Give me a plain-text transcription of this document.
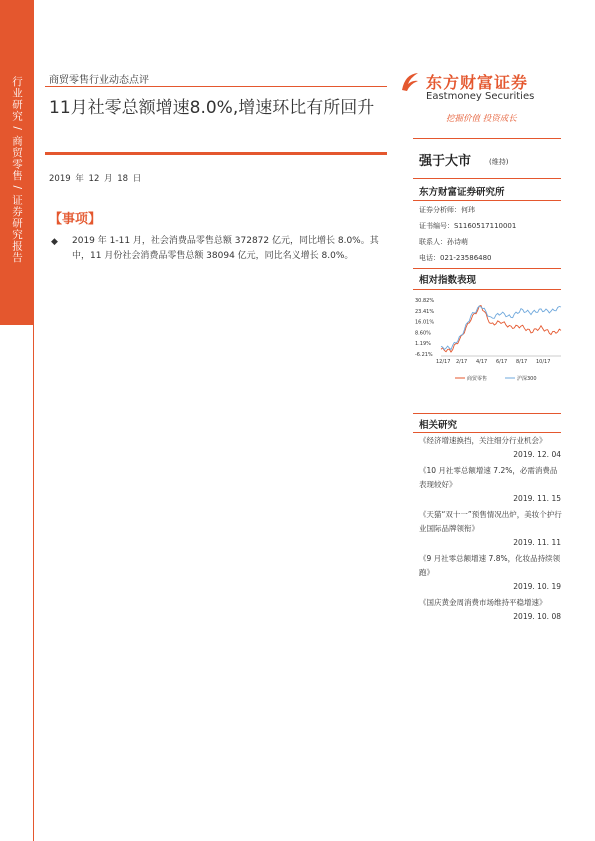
行业研究 / 商贸零售 / 证券研究报告	商贸零售行业动态点评
11月社零总额增速8.0%,增速环比有所回升
2019 年 12 月 18 日
【事项】
◆ 2019 年 1-11 月，社会消费品零售总额 372872 亿元，同比增长 8.0%。其中，11 月份社会消费品零售总额 38094 亿元，同比名义增长 8.0%。
东方财富证券
Eastmoney Securities
挖掘价值 投资成长
强于大市	(维持)
东方财富证券研究所
证券分析师：何玮
证书编号：S1160517110001
联系人：孙诗萌
电话：021-23586480
相对指数表现
30.82%
23.41%
16.01%
8.60%
1.19%
-6.21%
12/17 2/17 4/17 6/17 8/17 10/17
商贸零售	沪深300
相关研究
《经济增速换挡，关注细分行业机会》
2019. 12. 04
《10 月社零总额增速 7.2%，必需消费品表现较好》
2019. 11. 15
《天猫“双十一”预售情况出炉，美妆个护行业国际品牌领衔》
2019. 11. 11
《9 月社零总额增速 7.8%，化妆品持续领跑》
2019. 10. 19
《国庆黄金周消费市场维持平稳增速》
2019. 10. 08
